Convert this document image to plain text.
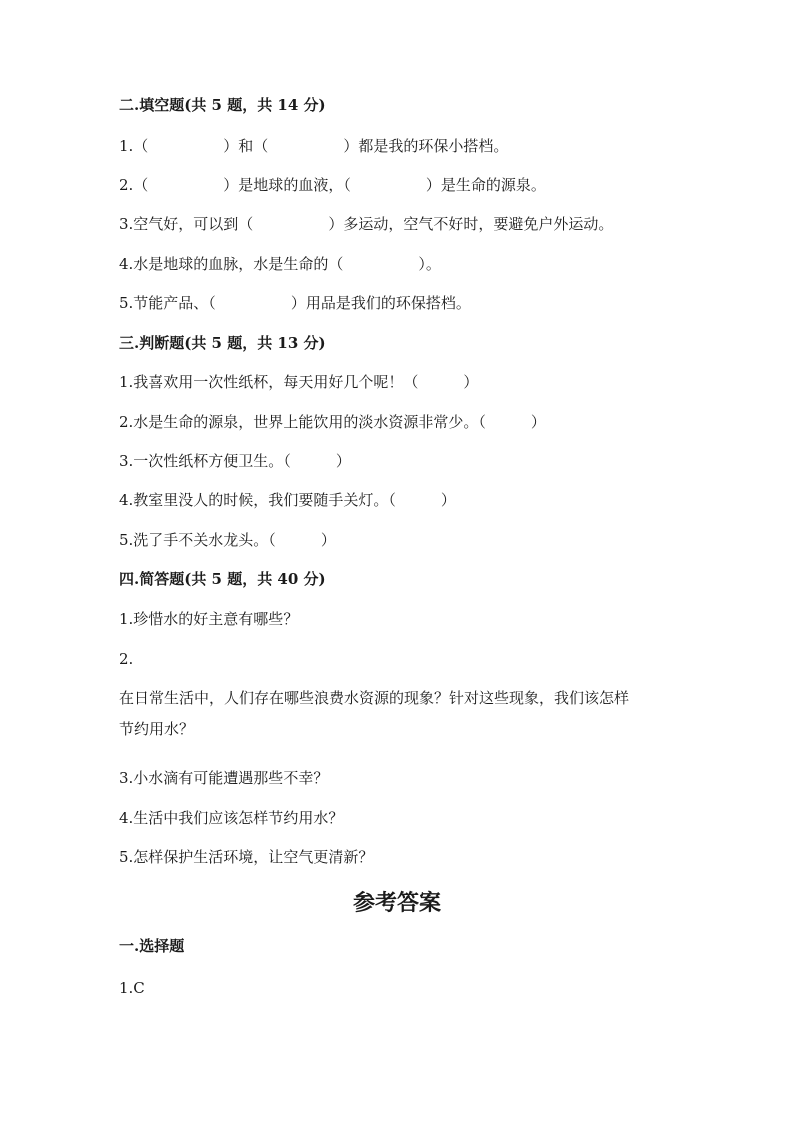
二.填空题(共 5 题，共 14 分)
1.（　　　　　）和（　　　　　）都是我的环保小搭档。
2.（　　　　　）是地球的血液，（　　　　　）是生命的源泉。
3.空气好，可以到（　　　　　）多运动，空气不好时，要避免户外运动。
4.水是地球的血脉，水是生命的（　　　　　）。
5.节能产品、（　　　　　）用品是我们的环保搭档。
三.判断题(共 5 题，共 13 分)
1.我喜欢用一次性纸杯，每天用好几个呢！（　　　）
2.水是生命的源泉，世界上能饮用的淡水资源非常少。（　　　）
3.一次性纸杯方便卫生。（　　　）
4.教室里没人的时候，我们要随手关灯。（　　　）
5.洗了手不关水龙头。（　　　）
四.简答题(共 5 题，共 40 分)
1.珍惜水的好主意有哪些？
2.
在日常生活中，人们存在哪些浪费水资源的现象？针对这些现象，我们该怎样
节约用水？
3.小水滴有可能遭遇那些不幸？
4.生活中我们应该怎样节约用水？
5.怎样保护生活环境，让空气更清新？
参考答案
一.选择题
1.C
